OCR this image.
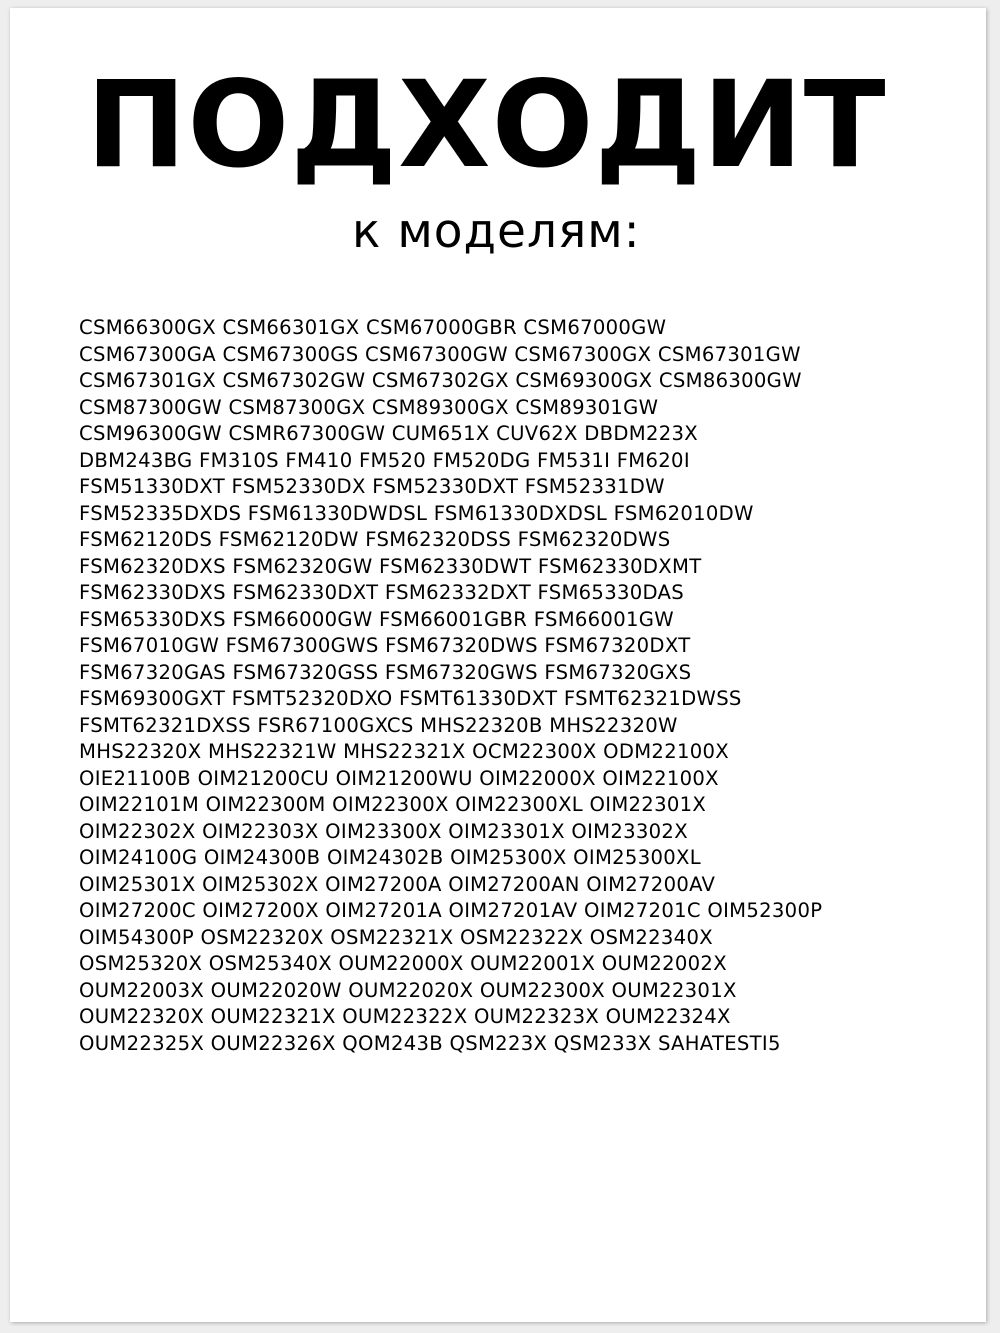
ПОДХОДИТ
к моделям:
CSM66300GX CSM66301GX CSM67000GBR CSM67000GW
CSM67300GA CSM67300GS CSM67300GW CSM67300GX CSM67301GW
CSM67301GX CSM67302GW CSM67302GX CSM69300GX CSM86300GW
CSM87300GW CSM87300GX CSM89300GX CSM89301GW
CSM96300GW CSMR67300GW CUM651X CUV62X DBDM223X
DBM243BG FM310S FM410 FM520 FM520DG FM531I FM620I
FSM51330DXT FSM52330DX FSM52330DXT FSM52331DW
FSM52335DXDS FSM61330DWDSL FSM61330DXDSL FSM62010DW
FSM62120DS FSM62120DW FSM62320DSS FSM62320DWS
FSM62320DXS FSM62320GW FSM62330DWT FSM62330DXMT
FSM62330DXS FSM62330DXT FSM62332DXT FSM65330DAS
FSM65330DXS FSM66000GW FSM66001GBR FSM66001GW
FSM67010GW FSM67300GWS FSM67320DWS FSM67320DXT
FSM67320GAS FSM67320GSS FSM67320GWS FSM67320GXS
FSM69300GXT FSMT52320DXO FSMT61330DXT FSMT62321DWSS
FSMT62321DXSS FSR67100GXCS MHS22320B MHS22320W
MHS22320X MHS22321W MHS22321X OCM22300X ODM22100X
OIE21100B OIM21200CU OIM21200WU OIM22000X OIM22100X
OIM22101M OIM22300M OIM22300X OIM22300XL OIM22301X
OIM22302X OIM22303X OIM23300X OIM23301X OIM23302X
OIM24100G OIM24300B OIM24302B OIM25300X OIM25300XL
OIM25301X OIM25302X OIM27200A OIM27200AN OIM27200AV
OIM27200C OIM27200X OIM27201A OIM27201AV OIM27201C OIM52300P
OIM54300P OSM22320X OSM22321X OSM22322X OSM22340X
OSM25320X OSM25340X OUM22000X OUM22001X OUM22002X
OUM22003X OUM22020W OUM22020X OUM22300X OUM22301X
OUM22320X OUM22321X OUM22322X OUM22323X OUM22324X
OUM22325X OUM22326X QOM243B QSM223X QSM233X SAHATESTI5
